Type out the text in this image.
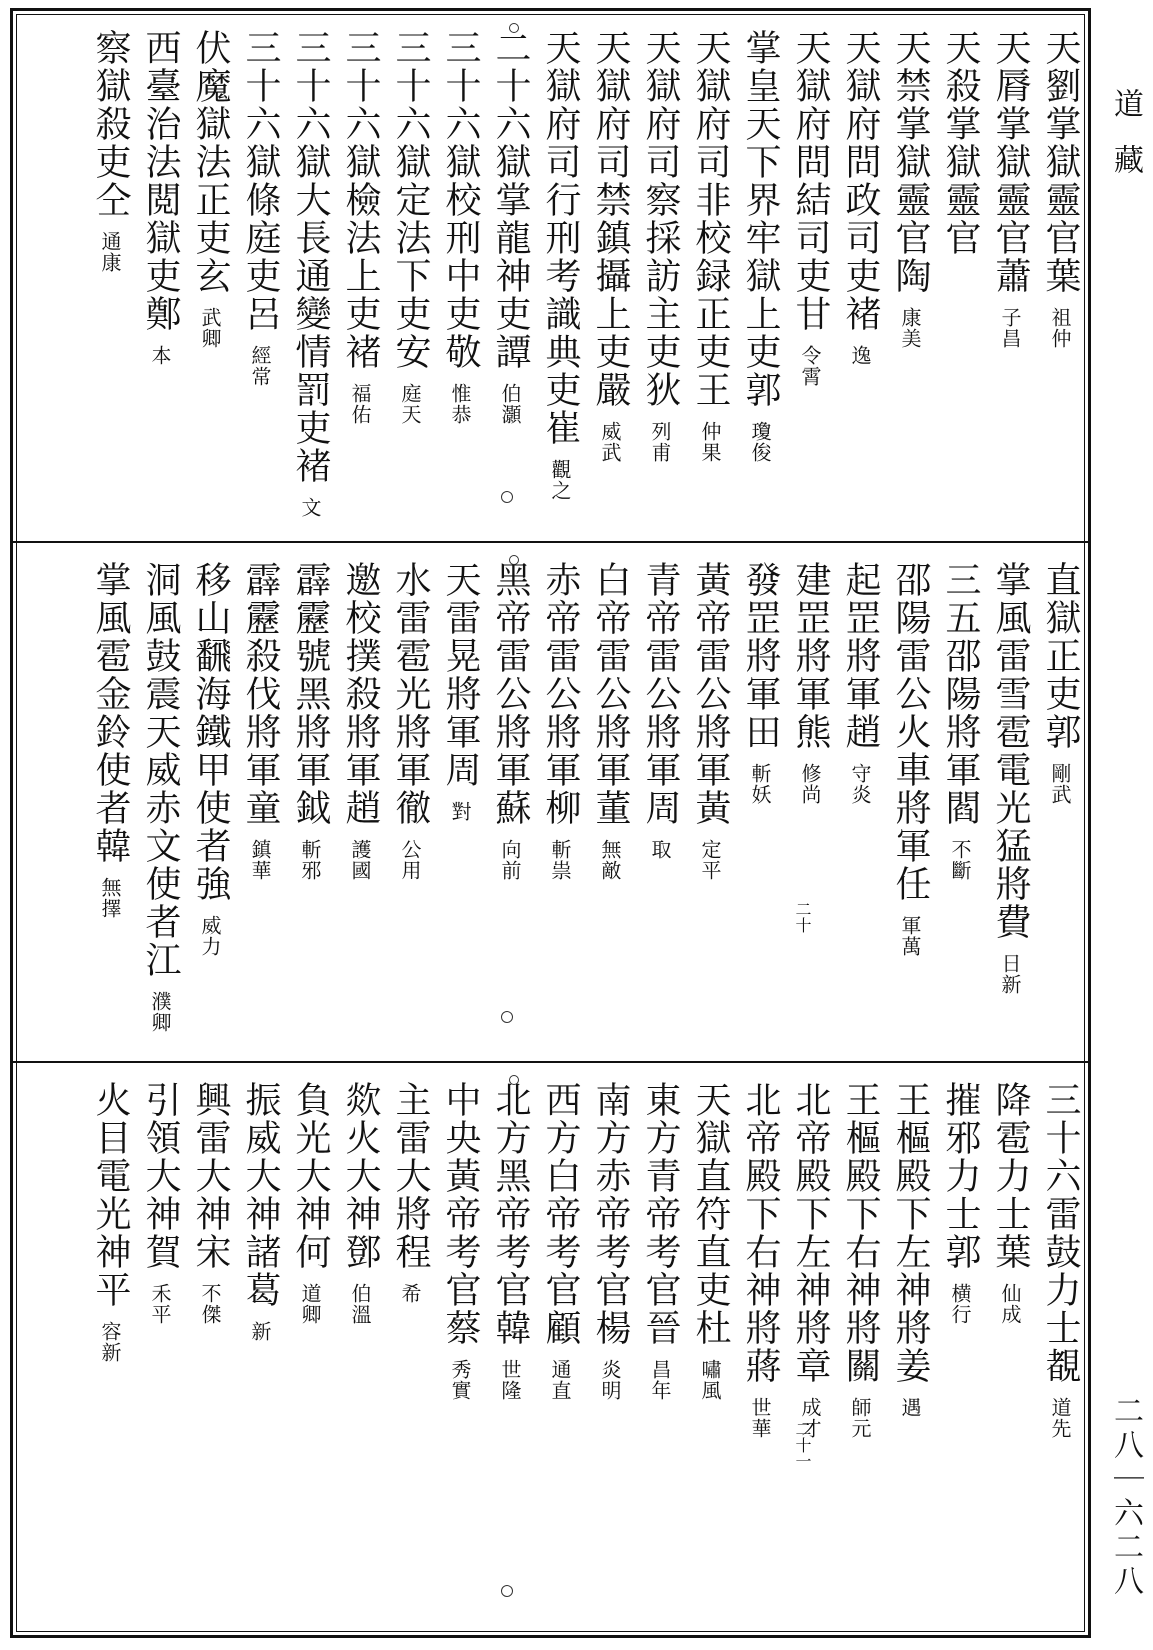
道藏
二八｜六二八
天劉掌獄靈官葉祖仲
天脣掌獄靈官蕭子昌
天殺掌獄靈官
天禁掌獄靈官陶康美
天獄府問政司吏褚逸
天獄府問結司吏甘令霄
掌皇天下界牢獄上吏郭瓊俊
天獄府司非校録正吏王仲果
天獄府司察採訪主吏狄列甫
天獄府司禁鎮攝上吏嚴威武
天獄府司行刑考識典吏崔觀之
二十六獄掌龍神吏譚伯灝
三十六獄校刑中吏敬惟恭
三十六獄定法下吏安庭天
三十六獄檢法上吏褚福佑
三十六獄大長通變情罰吏褚文
三十六獄條庭吏呂經常
伏魔獄法正吏玄武卿
西臺治法閲獄吏鄭本
察獄殺吏仝通康
直獄正吏郭剛武
掌風雷雪雹電光猛將費日新
三五邵陽將軍閻不斷
邵陽雷公火車將軍任軍萬
起罡將軍趙守炎
建罡將軍熊修尚
二十
發罡將軍田斬妖
黃帝雷公將軍黃定平
青帝雷公將軍周取
白帝雷公將軍董無敵
赤帝雷公將軍柳斬祟
黑帝雷公將軍蘇向前
天雷晃將軍周對
水雷雹光將軍徹公用
邀校撲殺將軍趙護國
霹靂號黑將軍鉞斬邪
霹靂殺伐將軍童鎮華
移山飜海鐵甲使者強威力
洞風鼓震天威赤文使者江濮卿
掌風雹金鈴使者韓無擇
三十六雷鼓力士覩道先
降雹力士葉仙成
摧邪力士郭横行
王樞殿下左神將姜遇
王樞殿下右神將關師元
北帝殿下左神將章成才
二十一
北帝殿下右神將蔣世華
天獄直符直吏杜嘯風
東方青帝考官晉昌年
南方赤帝考官楊炎明
西方白帝考官顧通直
北方黑帝考官韓世隆
中央黃帝考官蔡秀實
主雷大將程希
欻火大神鄧伯溫
負光大神何道卿
振威大神諸葛新
興雷大神宋不傑
引領大神賀禾平
火目電光神平容新
